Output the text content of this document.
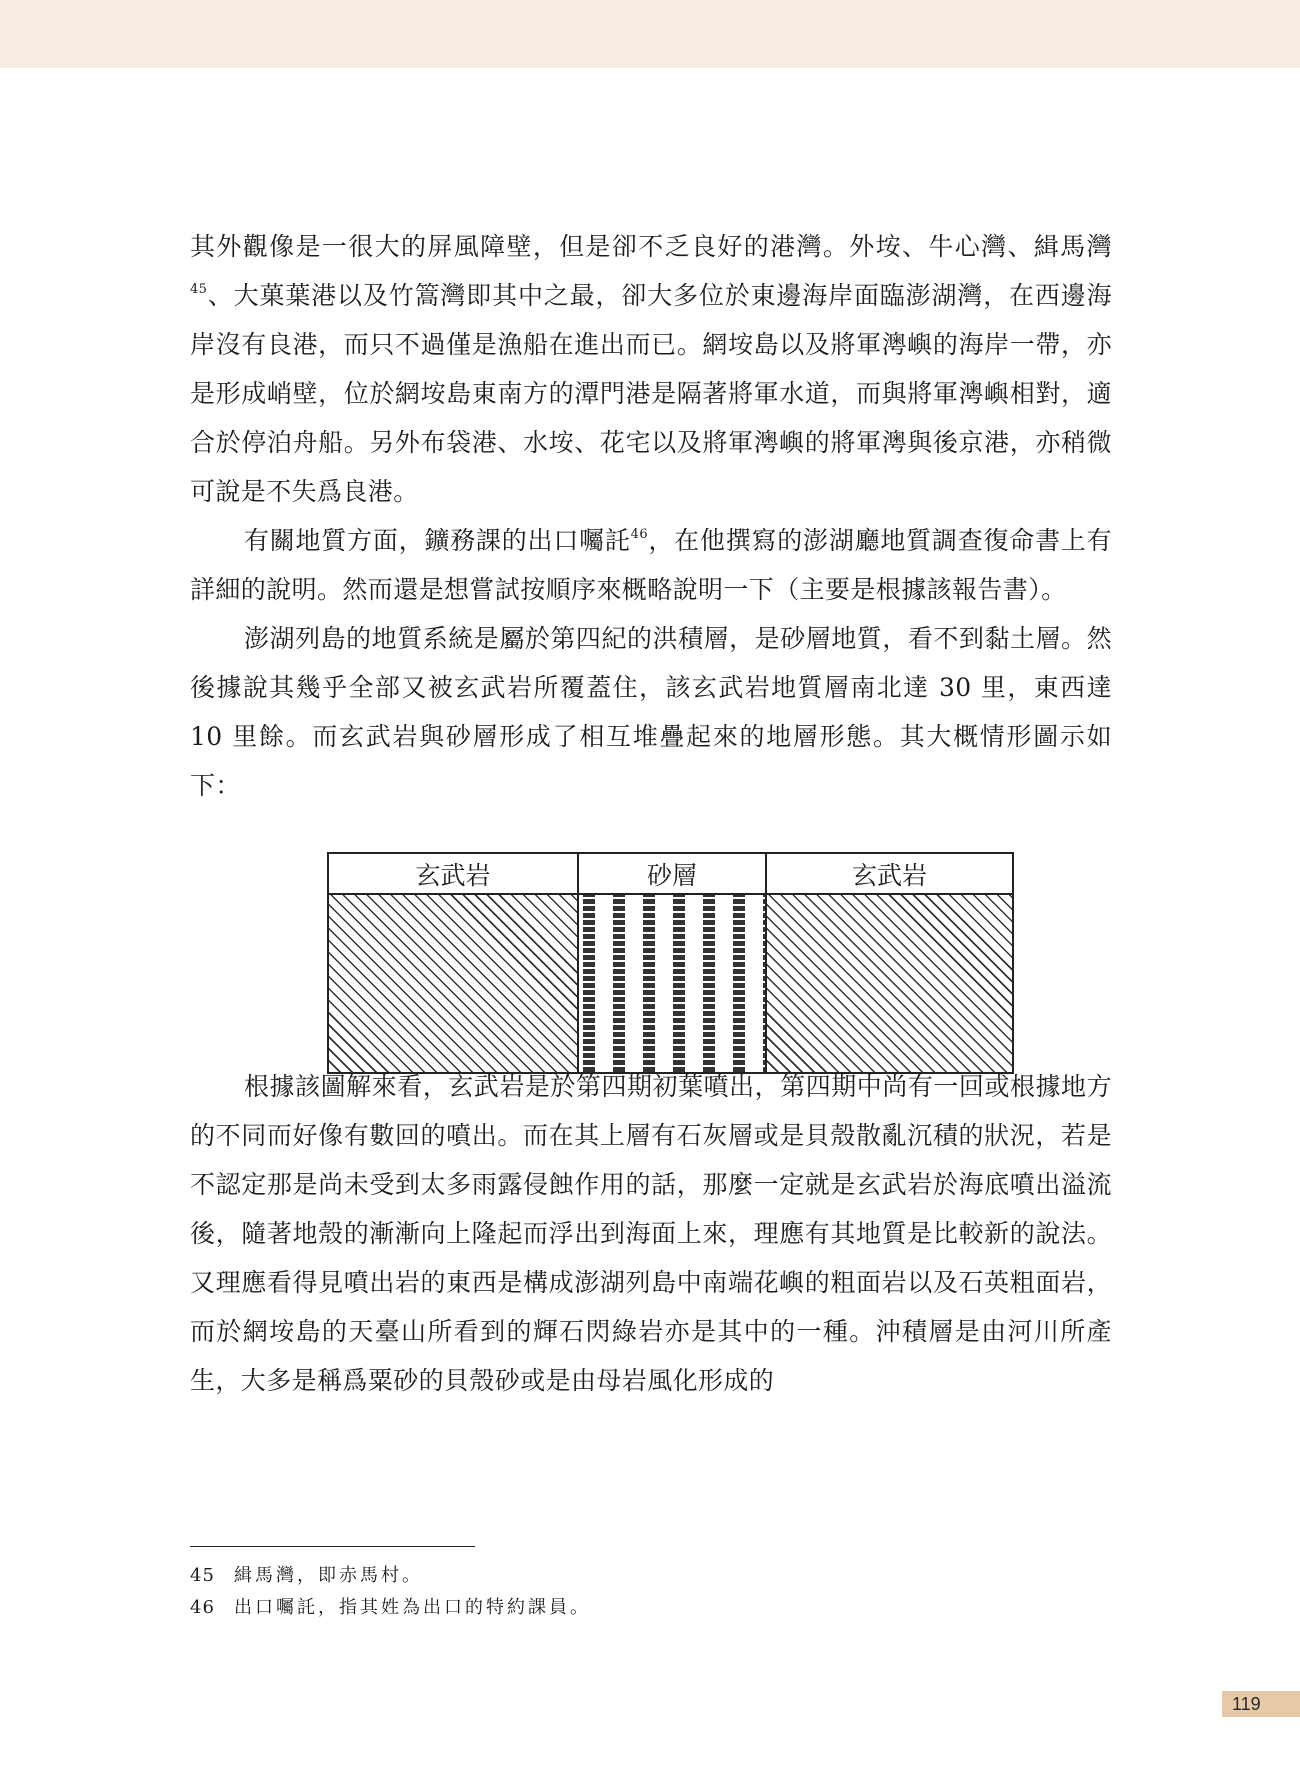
其外觀像是一很大的屏風障壁，但是卻不乏良好的港灣。外垵、牛心灣、緝馬灣$^{45}$、大菓葉港以及竹篙灣即其中之最，卻大多位於東邊海岸面臨澎湖灣，在西邊海岸沒有良港，而只不過僅是漁船在進出而已。網垵島以及將軍澚嶼的海岸一帶，亦是形成峭壁，位於網垵島東南方的潭門港是隔著將軍水道，而與將軍澚嶼相對，適合於停泊舟船。另外布袋港、水垵、花宅以及將軍澚嶼的將軍澚與後京港，亦稍微可說是不失爲良港。

有關地質方面，鑛務課的出口囑託$^{46}$，在他撰寫的澎湖廳地質調查復命書上有詳細的說明。然而還是想嘗試按順序來概略說明一下（主要是根據該報告書）。

澎湖列島的地質系統是屬於第四紀的洪積層，是砂層地質，看不到黏土層。然後據說其幾乎全部又被玄武岩所覆蓋住，該玄武岩地質層南北達 30 里，東西達 10 里餘。而玄武岩與砂層形成了相互堆疊起來的地層形態。其大概情形圖示如下：

根據該圖解來看，玄武岩是於第四期初葉噴出，第四期中尚有一回或根據地方的不同而好像有數回的噴出。而在其上層有石灰層或是貝殼散亂沉積的狀況，若是不認定那是尚未受到太多雨露侵蝕作用的話，那麼一定就是玄武岩於海底噴出溢流後，隨著地殼的漸漸向上隆起而浮出到海面上來，理應有其地質是比較新的說法。又理應看得見噴出岩的東西是構成澎湖列島中南端花嶼的粗面岩以及石英粗面岩，而於網垵島的天臺山所看到的輝石閃綠岩亦是其中的一種。沖積層是由河川所產生，大多是稱爲粟砂的貝殼砂或是由母岩風化形成的

玄武岩	砂層	玄武岩

45	緝馬灣，即赤馬村。

46	出口囑託，指其姓為出口的特約課員。

119
